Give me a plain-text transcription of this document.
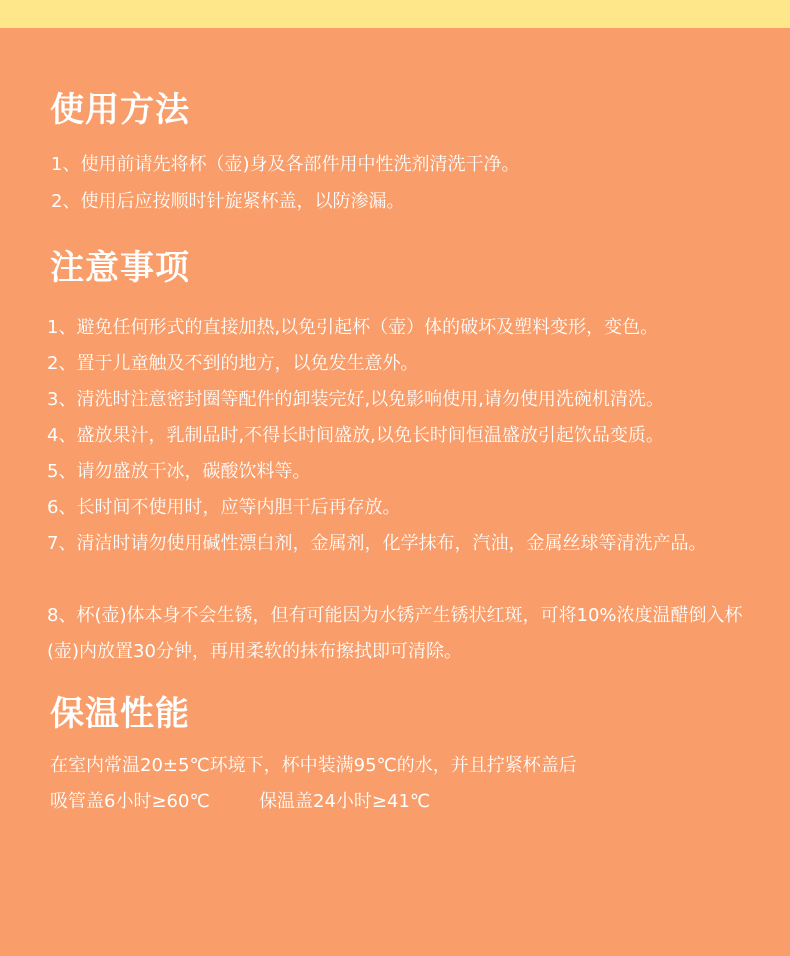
使用方法
1、使用前请先将杯（壶)身及各部件用中性洗剂清洗干净。
2、使用后应按顺时针旋紧杯盖，以防渗漏。
注意事项
1、避免任何形式的直接加热,以免引起杯（壶）体的破坏及塑料变形，变色。
2、置于儿童触及不到的地方，以免发生意外。
3、清洗时注意密封圈等配件的卸装完好,以免影响使用,请勿使用洗碗机清洗。
4、盛放果汁，乳制品时,不得长时间盛放,以免长时间恒温盛放引起饮品变质。
5、请勿盛放干冰，碳酸饮料等。
6、长时间不使用时，应等内胆干后再存放。
7、清洁时请勿使用碱性漂白剂，金属剂，化学抹布，汽油，金属丝球等清洗产品。
8、杯(壶)体本身不会生锈，但有可能因为水锈产生锈状红斑，可将10%浓度温醋倒入杯(壶)内放置30分钟，再用柔软的抹布擦拭即可清除。
保温性能
在室内常温20±5℃环境下，杯中装满95℃的水，并且拧紧杯盖后
吸管盖6小时≥60℃	保温盖24小时≥41℃
